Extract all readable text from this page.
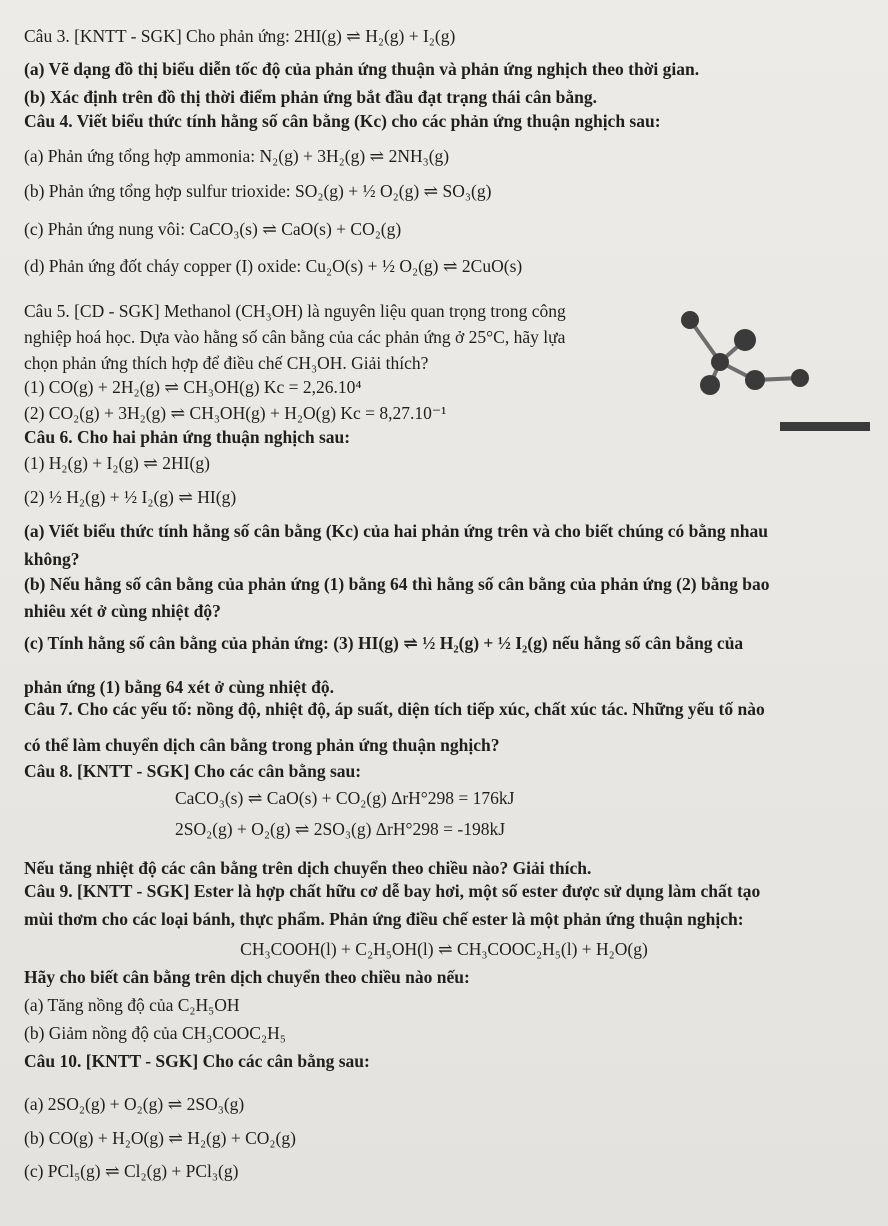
Câu 3. [KNTT - SGK] Cho phản ứng: 2HI(g) ⇌ H₂(g) + I₂(g)
(a) Vẽ dạng đồ thị biểu diễn tốc độ của phản ứng thuận và phản ứng nghịch theo thời gian.
(b) Xác định trên đồ thị thời điểm phản ứng bắt đầu đạt trạng thái cân bằng.
Câu 4. Viết biểu thức tính hằng số cân bằng (Kc) cho các phản ứng thuận nghịch sau:
(a) Phản ứng tổng hợp ammonia: N₂(g) + 3H₂(g) ⇌ 2NH₃(g)
(b) Phản ứng tổng hợp sulfur trioxide: SO₂(g) + ½ O₂(g) ⇌ SO₃(g)
(c) Phản ứng nung vôi: CaCO₃(s) ⇌ CaO(s) + CO₂(g)
(d) Phản ứng đốt cháy copper (I) oxide: Cu₂O(s) + ½ O₂(g) ⇌ 2CuO(s)
Câu 5. [CD - SGK] Methanol (CH₃OH) là nguyên liệu quan trọng trong công
nghiệp hoá học. Dựa vào hằng số cân bằng của các phản ứng ở 25°C, hãy lựa
chọn phản ứng thích hợp để điều chế CH₃OH. Giải thích?
(1) CO(g) + 2H₂(g) ⇌ CH₃OH(g) Kc = 2,26.10⁴
(2) CO₂(g) + 3H₂(g) ⇌ CH₃OH(g) + H₂O(g) Kc = 8,27.10⁻¹
Câu 6. Cho hai phản ứng thuận nghịch sau:
(1) H₂(g) + I₂(g) ⇌ 2HI(g)
(2) ½ H₂(g) + ½ I₂(g) ⇌ HI(g)
(a) Viết biểu thức tính hằng số cân bằng (Kc) của hai phản ứng trên và cho biết chúng có bằng nhau
không?
(b) Nếu hằng số cân bằng của phản ứng (1) bằng 64 thì hằng số cân bằng của phản ứng (2) bằng bao
nhiêu xét ở cùng nhiệt độ?
(c) Tính hằng số cân bằng của phản ứng: (3) HI(g) ⇌ ½ H₂(g) + ½ I₂(g) nếu hằng số cân bằng của
phản ứng (1) bằng 64 xét ở cùng nhiệt độ.
Câu 7. Cho các yếu tố: nồng độ, nhiệt độ, áp suất, diện tích tiếp xúc, chất xúc tác. Những yếu tố nào
có thể làm chuyển dịch cân bằng trong phản ứng thuận nghịch?
Câu 8. [KNTT - SGK] Cho các cân bằng sau:
CaCO₃(s) ⇌ CaO(s) + CO₂(g) ΔrH°298 = 176kJ
2SO₂(g) + O₂(g) ⇌ 2SO₃(g) ΔrH°298 = -198kJ
Nếu tăng nhiệt độ các cân bằng trên dịch chuyển theo chiều nào? Giải thích.
Câu 9. [KNTT - SGK] Ester là hợp chất hữu cơ dễ bay hơi, một số ester được sử dụng làm chất tạo
mùi thơm cho các loại bánh, thực phẩm. Phản ứng điều chế ester là một phản ứng thuận nghịch:
CH₃COOH(l) + C₂H₅OH(l) ⇌ CH₃COOC₂H₅(l) + H₂O(g)
Hãy cho biết cân bằng trên dịch chuyển theo chiều nào nếu:
(a) Tăng nồng độ của C₂H₅OH
(b) Giảm nồng độ của CH₃COOC₂H₅
Câu 10. [KNTT - SGK] Cho các cân bằng sau:
(a) 2SO₂(g) + O₂(g) ⇌ 2SO₃(g)
(b) CO(g) + H₂O(g) ⇌ H₂(g) + CO₂(g)
(c) PCl₅(g) ⇌ Cl₂(g) + PCl₃(g)
